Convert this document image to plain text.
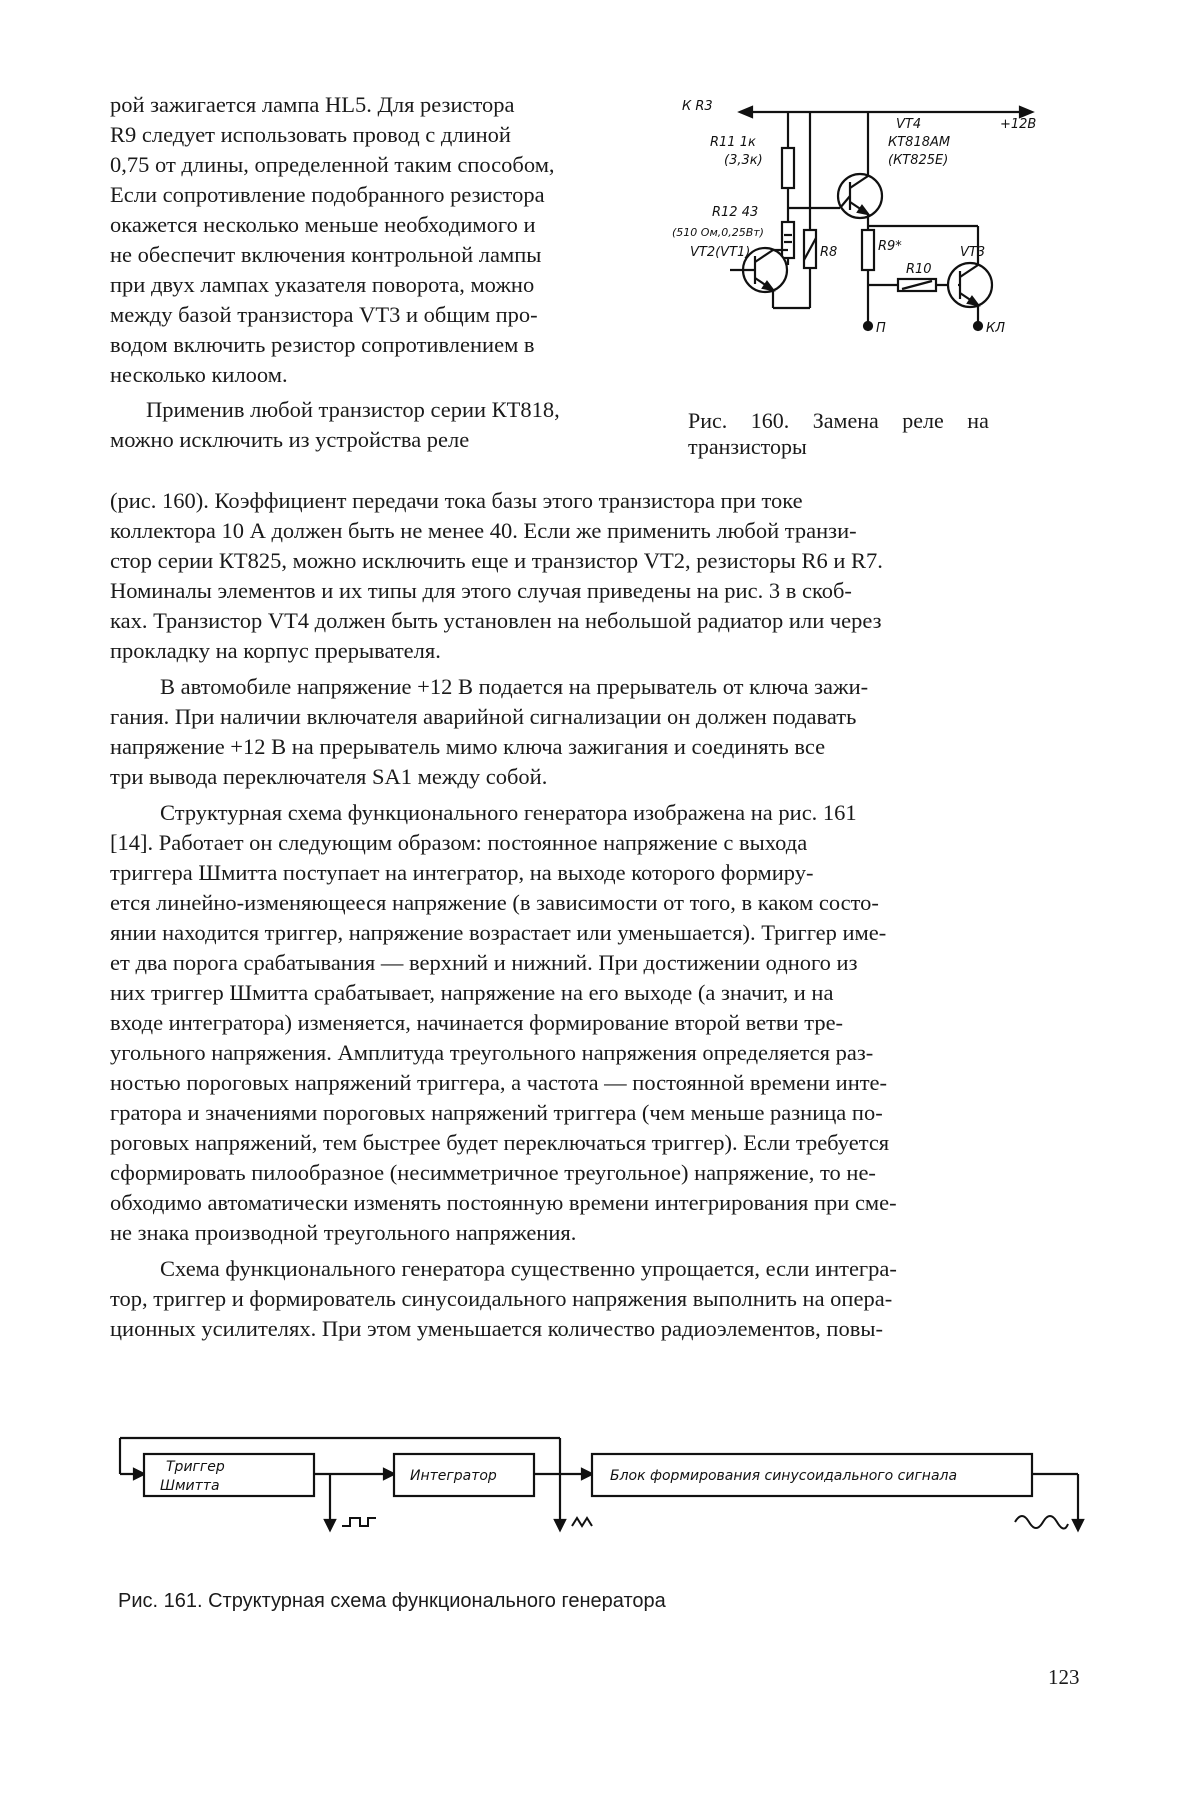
рой зажигается лампа HL5. Для резистора
R9 следует использовать провод с длиной
0,75 от длины, определенной таким способом,
Если сопротивление подобранного резистора
окажется несколько меньше необходимого и
не обеспечит включения контрольной лампы
при двух лампах указателя поворота, можно
между базой транзистора VT3 и общим про-
водом включить резистор сопротивлением в
несколько килоом.
Применив любой транзистор серии КТ818,
можно исключить из устройства реле
К R3
VT4	+12В
КТ818АМ
(КТ825Е)
R11 1к
(3,3к)
R12 43
(510 Ом,0,25Вт)
VT2(VT1)	R8	R9*
R10
VT3
П	КЛ
Рис. 160. Замена реле на
транзисторы
(рис. 160). Коэффициент передачи тока базы этого транзистора при токе
коллектора 10 А должен быть не менее 40. Если же применить любой транзи-
стор серии КТ825, можно исключить еще и транзистор VT2, резисторы R6 и R7.
Номиналы элементов и их типы для этого случая приведены на рис. 3 в скоб-
ках. Транзистор VT4 должен быть установлен на небольшой радиатор или через
прокладку на корпус прерывателя.
В автомобиле напряжение +12 В подается на прерыватель от ключа зажи-
гания. При наличии включателя аварийной сигнализации он должен подавать
напряжение +12 В на прерыватель мимо ключа зажигания и соединять все
три вывода переключателя SA1 между собой.
Структурная схема функционального генератора изображена на рис. 161
[14]. Работает он следующим образом: постоянное напряжение с выхода
триггера Шмитта поступает на интегратор, на выходе которого формиру-
ется линейно-изменяющееся напряжение (в зависимости от того, в каком состо-
янии находится триггер, напряжение возрастает или уменьшается). Триггер име-
ет два порога срабатывания — верхний и нижний. При достижении одного из
них триггер Шмитта срабатывает, напряжение на его выходе (а значит, и на
входе интегратора) изменяется, начинается формирование второй ветви тре-
угольного напряжения. Амплитуда треугольного напряжения определяется раз-
ностью пороговых напряжений триггера, а частота — постоянной времени инте-
гратора и значениями пороговых напряжений триггера (чем меньше разница по-
роговых напряжений, тем быстрее будет переключаться триггер). Если требуется
сформировать пилообразное (несимметричное треугольное) напряжение, то не-
обходимо автоматически изменять постоянную времени интегрирования при сме-
не знака производной треугольного напряжения.
Схема функционального генератора существенно упрощается, если интегра-
тор, триггер и формирователь синусоидального напряжения выполнить на опера-
ционных усилителях. При этом уменьшается количество радиоэлементов, повы-
Триггер
Шмитта
Интегратор	Блок формирования синусоидального сигнала
Рис. 161. Структурная схема функционального генератора
123
